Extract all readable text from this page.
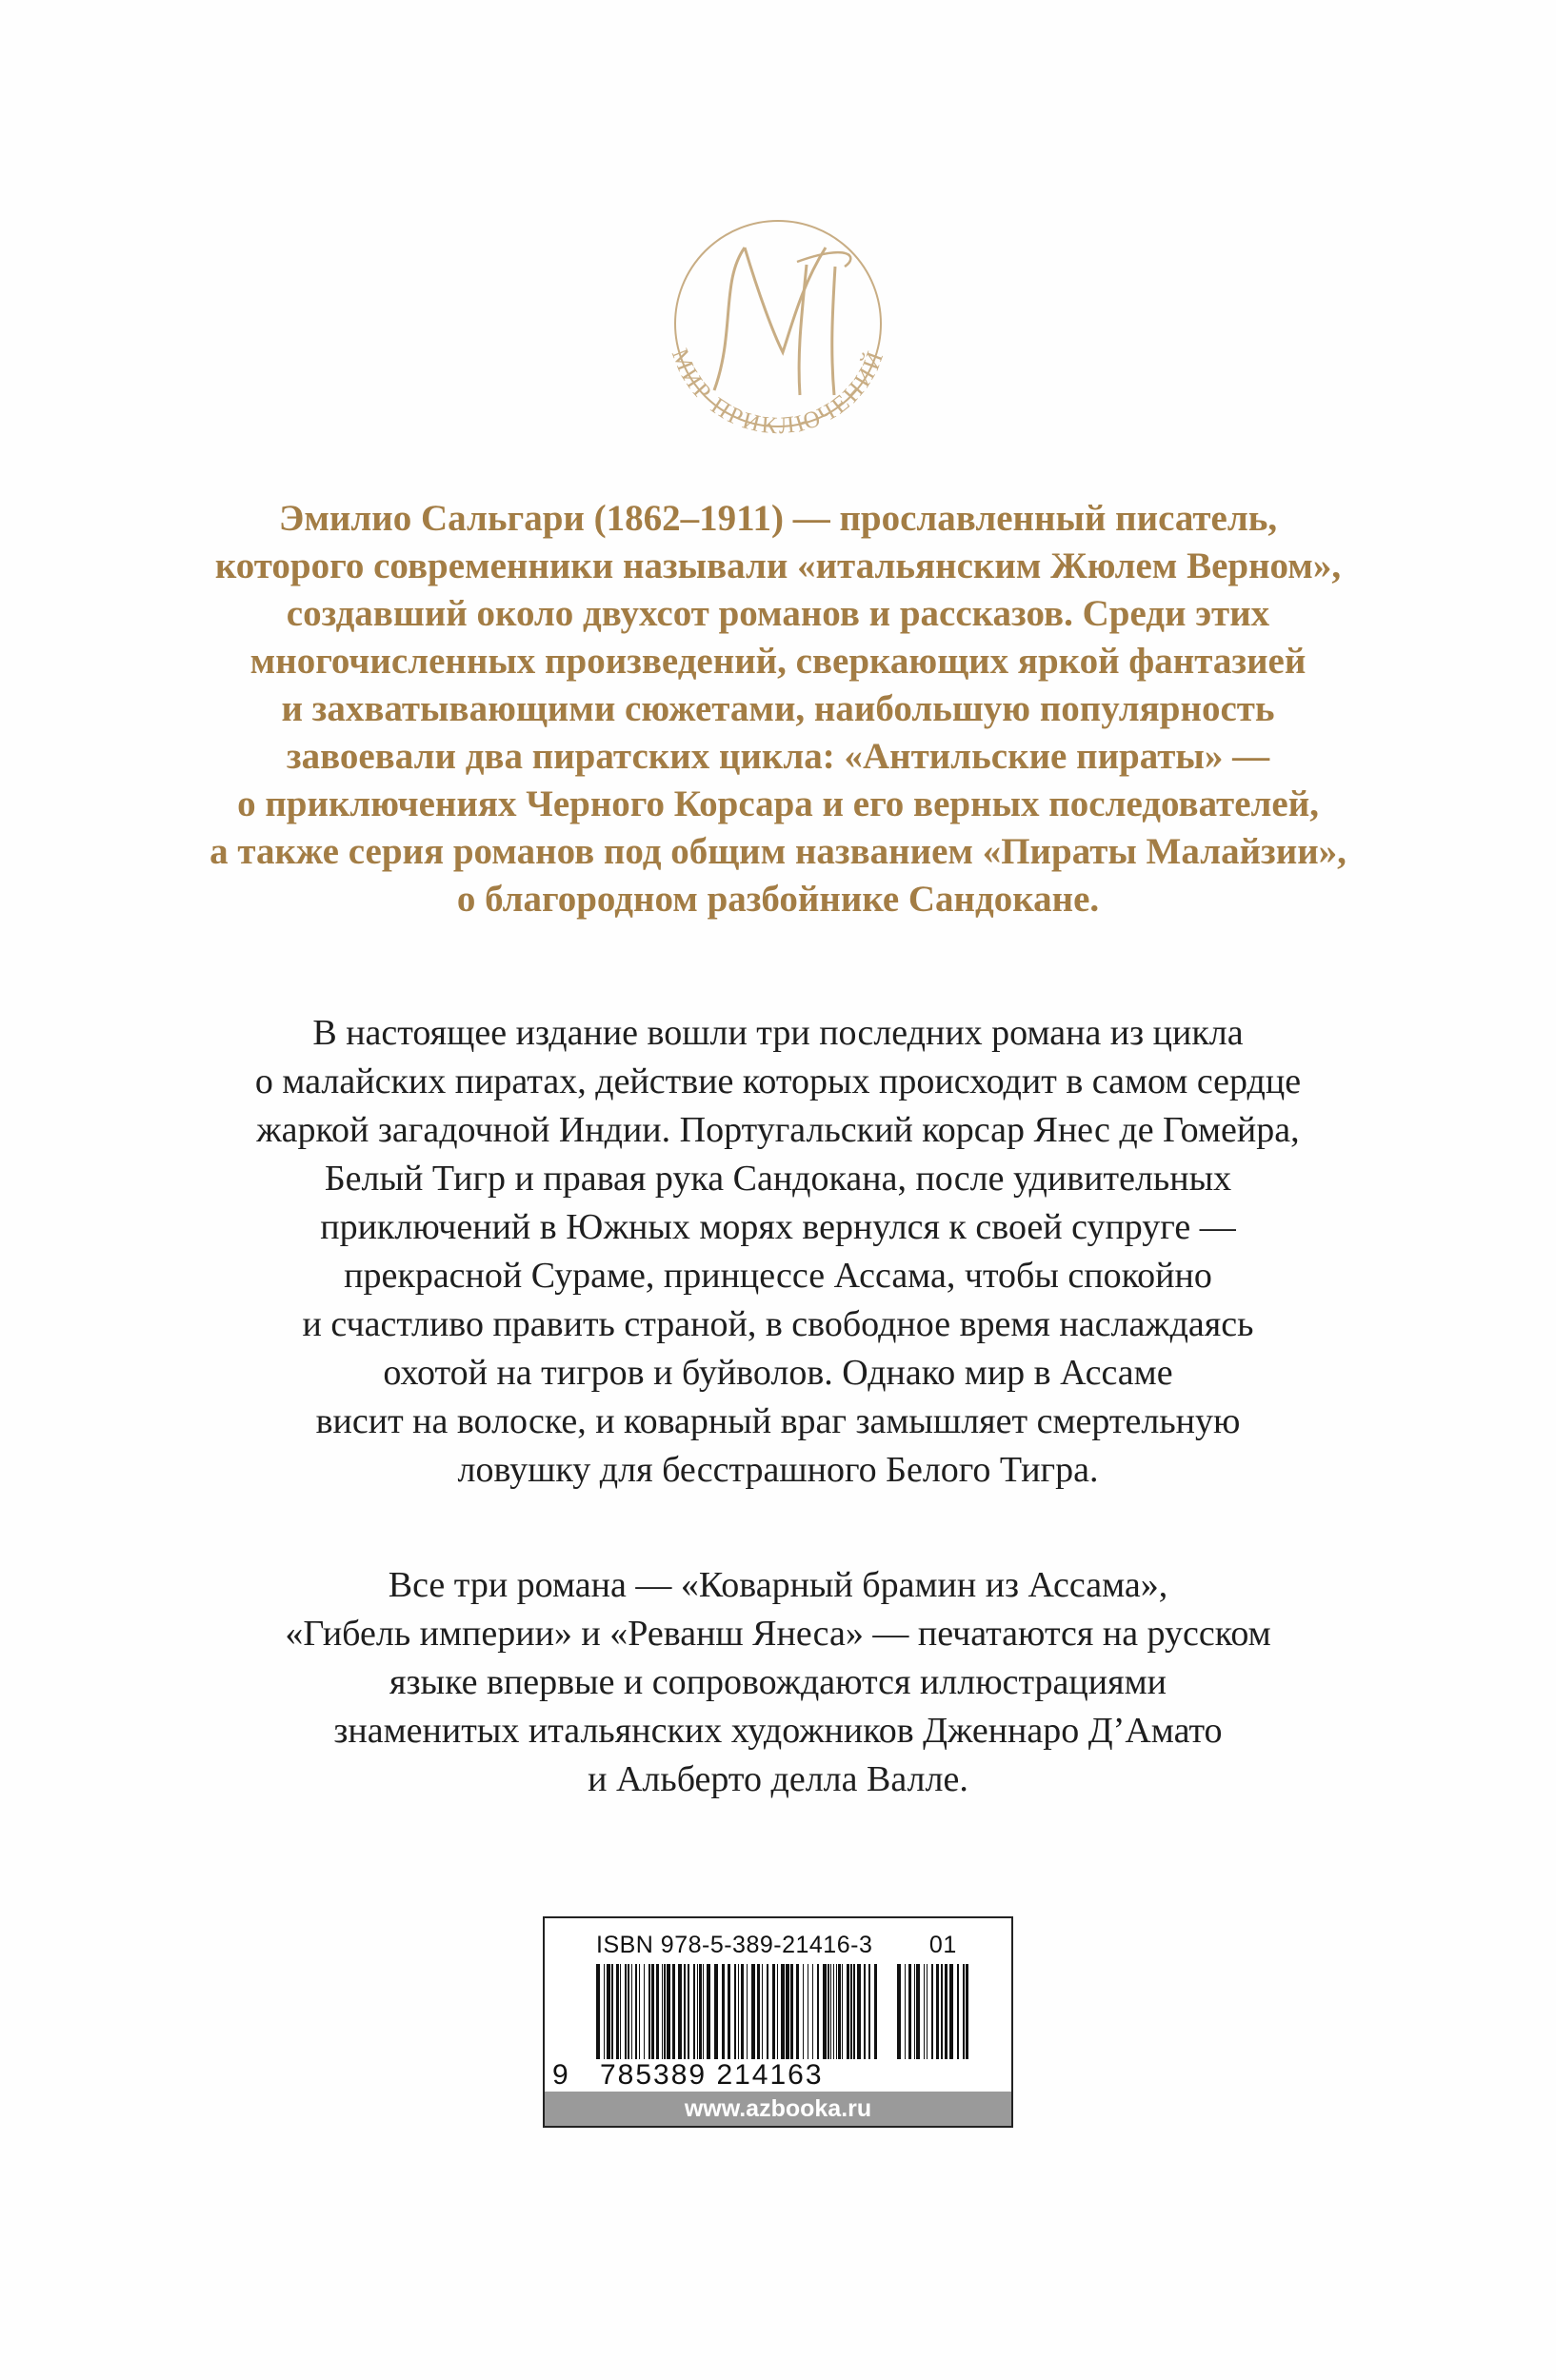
МИР ПРИКЛЮЧЕНИЙ
Эмилио Сальгари (1862–1911) — прославленный писатель,
которого современники называли «итальянским Жюлем Верном»,
создавший около двухсот романов и рассказов. Среди этих
многочисленных произведений, сверкающих яркой фантазией
и захватывающими сюжетами, наибольшую популярность
завоевали два пиратских цикла: «Антильские пираты» —
о приключениях Черного Корсара и его верных последователей,
а также серия романов под общим названием «Пираты Малайзии»,
о благородном разбойнике Сандокане.
В настоящее издание вошли три последних романа из цикла
о малайских пиратах, действие которых происходит в самом сердце
жаркой загадочной Индии. Португальский корсар Янес де Гомейра,
Белый Тигр и правая рука Сандокана, после удивительных
приключений в Южных морях вернулся к своей супруге —
прекрасной Сураме, принцессе Ассама, чтобы спокойно
и счастливо править страной, в свободное время наслаждаясь
охотой на тигров и буйволов. Однако мир в Ассаме
висит на волоске, и коварный враг замышляет смертельную
ловушку для бесстрашного Белого Тигра.
Все три романа — «Коварный брамин из Ассама»,
«Гибель империи» и «Реванш Янеса» — печатаются на русском
языке впервые и сопровождаются иллюстрациями
знаменитых итальянских художников Дженнаро Д’Амато
и Альберто делла Валле.
ISBN 978-5-389-21416-3        01
9 785389 214163
www.azbooka.ru
